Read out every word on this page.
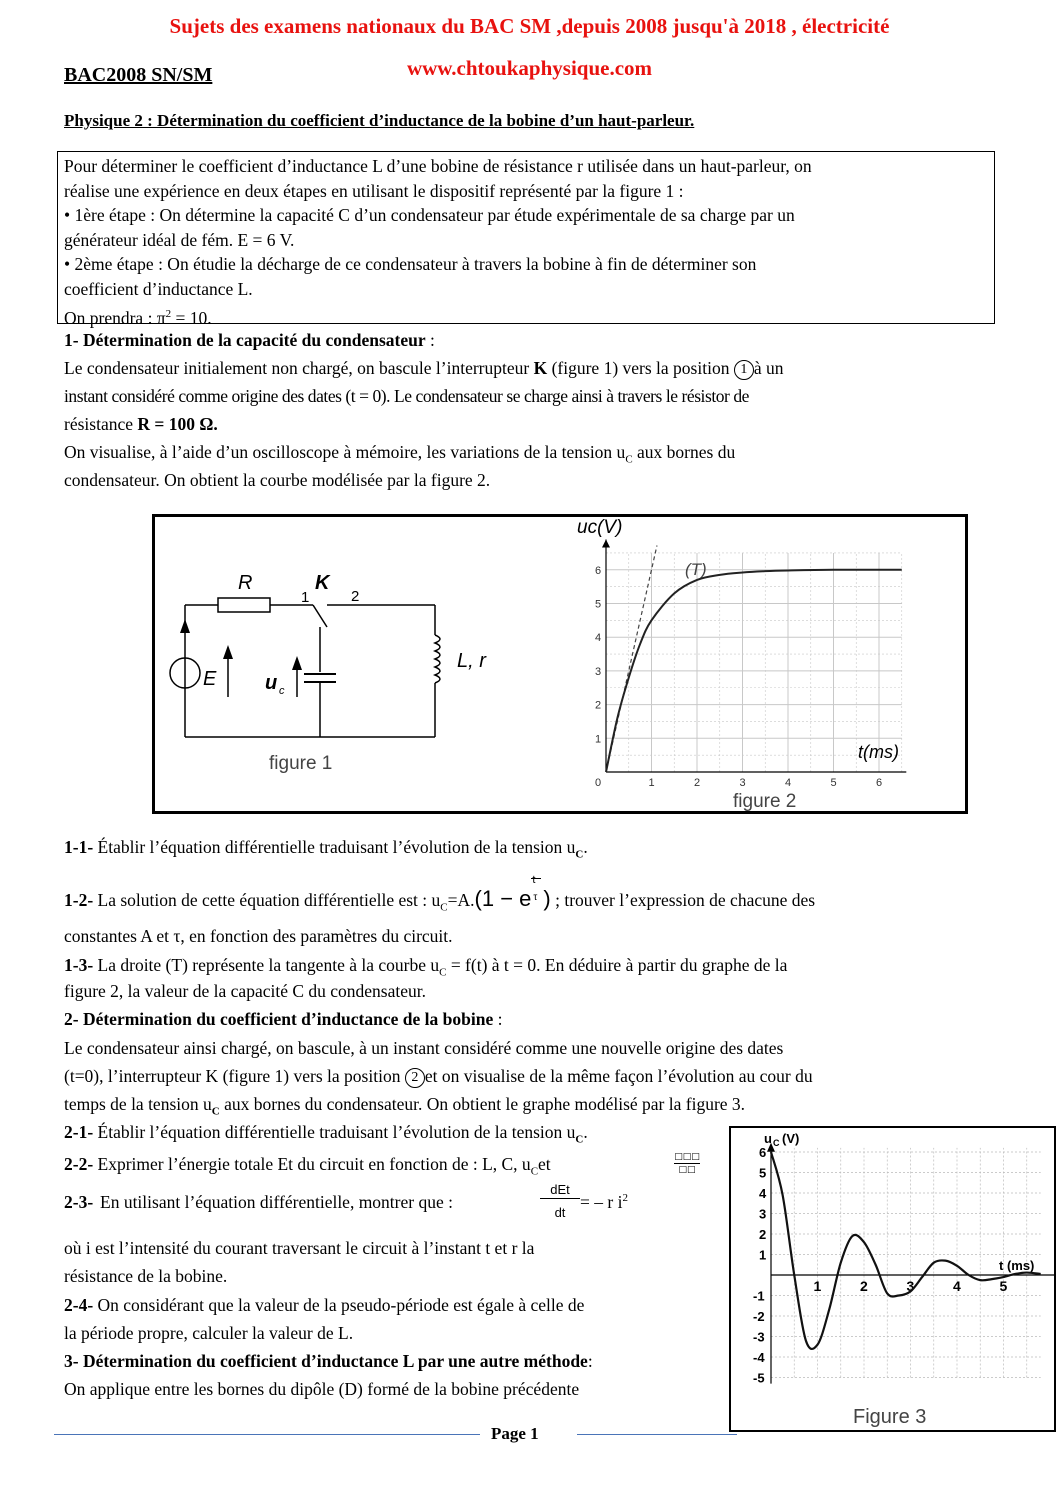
Sujets des examens nationaux du BAC SM ,depuis 2008 jusqu'à 2018 , électricité
www.chtoukaphysique.com
BAC2008 SN/SM
Physique 2 : Détermination du coefficient d’inductance de la bobine d’un haut-parleur.
Pour déterminer le coefficient d’inductance L d’une bobine de résistance r utilisée dans un haut-parleur, on
réalise une expérience en deux étapes en utilisant le dispositif représenté par la figure 1 :
• 1ère étape : On détermine la capacité C d’un condensateur par étude expérimentale de sa charge par un
générateur idéal de fém. E = 6 V.
• 2ème étape : On étudie la décharge de ce condensateur à travers la bobine à fin de déterminer son
coefficient d’inductance L.
On prendra : $\pi^2 = 10$.
1- Détermination de la capacité du condensateur :
Le condensateur initialement non chargé, on bascule l’interrupteur K (figure 1) vers la position 1 à un
instant considéré comme origine des dates (t = 0). Le condensateur se charge ainsi à travers le résistor de
résistance R = 100 Ω.
On visualise, à l’aide d’un oscilloscope à mémoire, les variations de la tension $u_C$ aux bornes du
condensateur. On obtient la courbe modélisée par la figure 2.
R	K
E u c
L, r
1	2
figure 1
0	1	2	3	4	5	6
1
2
3
4
5
6
uc(V)
t(ms)
(T)
figure 2
1-1- Établir l’équation différentielle traduisant l’évolution de la tension $u_C$.
1-2- La solution de cette équation différentielle est : $u_C=A.(1 - e$
t
τ ) ; trouver l’expression de chacune des
constantes A et τ, en fonction des paramètres du circuit.
1-3- La droite (T) représente la tangente à la courbe $u_C = f(t)$ à t = 0. En déduire à partir du graphe de la
figure 2, la valeur de la capacité C du condensateur.
2- Détermination du coefficient d’inductance de la bobine :
Le condensateur ainsi chargé, on bascule, à un instant considéré comme une nouvelle origine des dates
(t=0), l’interrupteur K (figure 1) vers la position 2 et on visualise de la même façon l’évolution au cour du
temps de la tension $u_C$ aux bornes du condensateur. On obtient le graphe modélisé par la figure 3.
2-1- Établir l’équation différentielle traduisant l’évolution de la tension $u_C$.
2-2- Exprimer l’énergie totale Et du circuit en fonction de : L, C, $u_Cet$	□□□
□□
2-3- En utilisant l’équation différentielle, montrer que :
dEt
dt
= – r $i^2$
où i est l’intensité du courant traversant le circuit à l’instant t et r la
résistance de la bobine.
2-4- On considérant que la valeur de la pseudo-période est égale à celle de
la période propre, calculer la valeur de L.
3- Détermination du coefficient d’inductance L par une autre méthode:
On applique entre les bornes du dipôle (D) formé de la bobine précédente
1	2	3	4	5
-5
-4
-3
-2
-1
1
2
3
4
5
6
u C (V)
t (ms)
Figure 3
Page 1
